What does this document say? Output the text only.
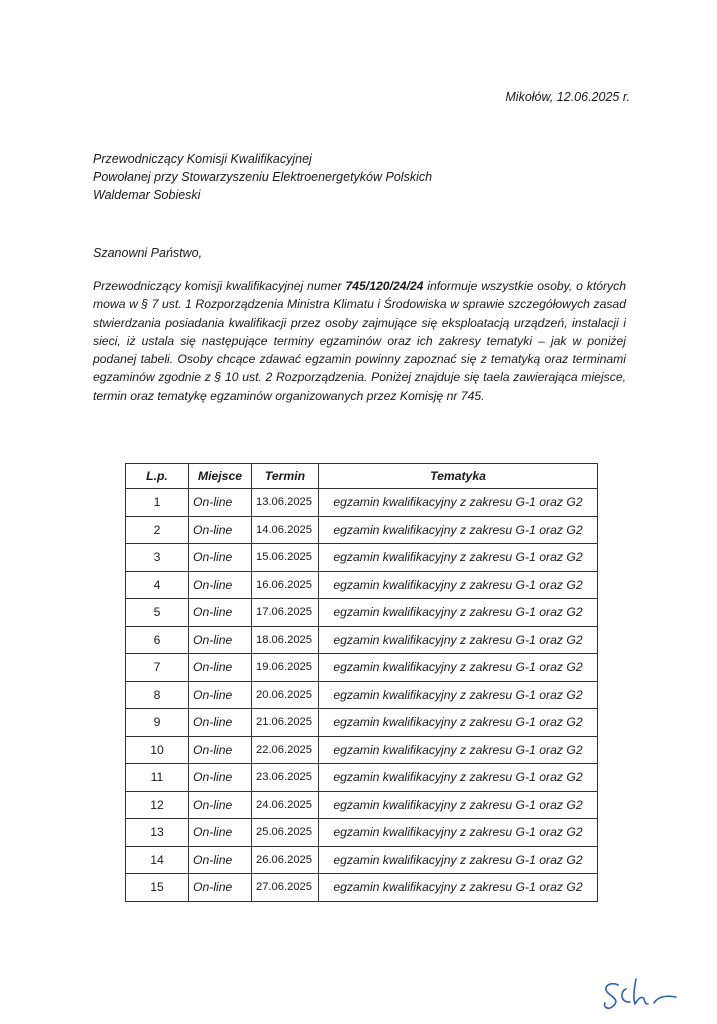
Mikołów, 12.06.2025 r.
Przewodniczący Komisji Kwalifikacyjnej
Powołanej przy Stowarzyszeniu Elektroenergetyków Polskich
Waldemar Sobieski
Szanowni Państwo,
Przewodniczący komisji kwalifikacyjnej numer 745/120/24/24 informuje wszystkie osoby, o których mowa w § 7 ust. 1 Rozporządzenia Ministra Klimatu i Środowiska w sprawie szczegółowych zasad stwierdzania posiadania kwalifikacji przez osoby zajmujące się eksploatacją urządzeń, instalacji i sieci, iż ustala się następujące terminy egzaminów oraz ich zakresy tematyki – jak w poniżej podanej tabeli. Osoby chcące zdawać egzamin powinny zapoznać się z tematyką oraz terminami egzaminów zgodnie z § 10 ust. 2 Rozporządzenia. Poniżej znajduje się taela zawierająca miejsce, termin oraz tematykę egzaminów organizowanych przez Komisję nr 745.
L.p.	Miejsce	Termin	Tematyka
1	On-line	13.06.2025	egzamin kwalifikacyjny z zakresu G-1 oraz G2
2	On-line	14.06.2025	egzamin kwalifikacyjny z zakresu G-1 oraz G2
3	On-line	15.06.2025	egzamin kwalifikacyjny z zakresu G-1 oraz G2
4	On-line	16.06.2025	egzamin kwalifikacyjny z zakresu G-1 oraz G2
5	On-line	17.06.2025	egzamin kwalifikacyjny z zakresu G-1 oraz G2
6	On-line	18.06.2025	egzamin kwalifikacyjny z zakresu G-1 oraz G2
7	On-line	19.06.2025	egzamin kwalifikacyjny z zakresu G-1 oraz G2
8	On-line	20.06.2025	egzamin kwalifikacyjny z zakresu G-1 oraz G2
9	On-line	21.06.2025	egzamin kwalifikacyjny z zakresu G-1 oraz G2
10	On-line	22.06.2025	egzamin kwalifikacyjny z zakresu G-1 oraz G2
11	On-line	23.06.2025	egzamin kwalifikacyjny z zakresu G-1 oraz G2
12	On-line	24.06.2025	egzamin kwalifikacyjny z zakresu G-1 oraz G2
13	On-line	25.06.2025	egzamin kwalifikacyjny z zakresu G-1 oraz G2
14	On-line	26.06.2025	egzamin kwalifikacyjny z zakresu G-1 oraz G2
15	On-line	27.06.2025	egzamin kwalifikacyjny z zakresu G-1 oraz G2
